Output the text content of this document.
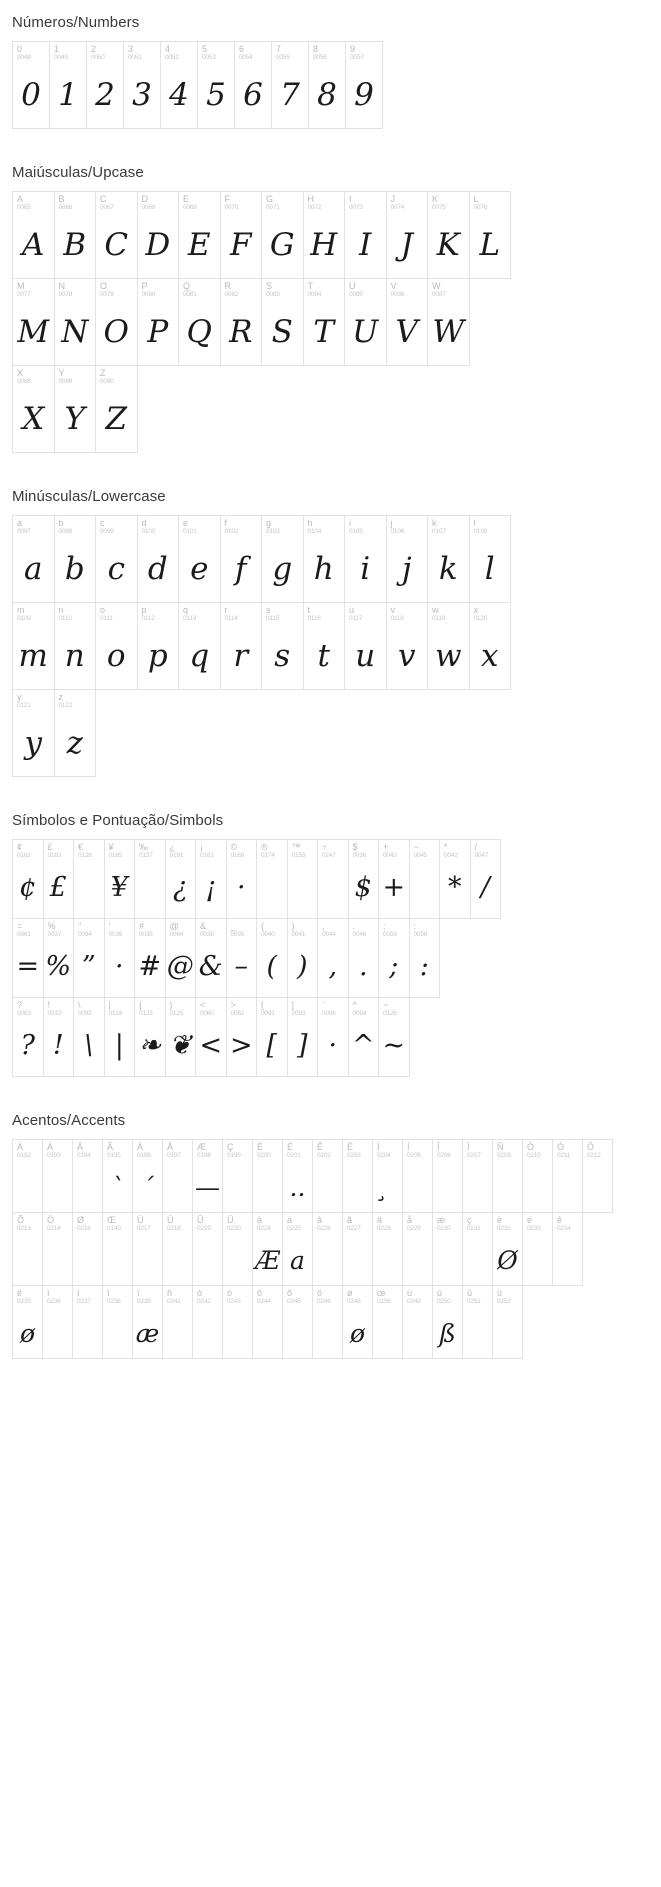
Números/Numbers
0
0048
0
1
0049
1
2
0050
2
3
0051
3
4
0052
4
5
0053
5
6
0054
6
7
0055
7
8
0056
8
9
0057
9
Maiúsculas/Upcase
A
0065
A
B
0066
B
C
0067
C
D
0068
D
E
0069
E
F
0070
F
G
0071
G
H
0072
H
I
0073
I
J
0074
J
K
0075
K
L
0076
L
M
0077
M
N
0078
N
O
0079
O
P
0080
P
Q
0081
Q
R
0082
R
S
0083
S
T
0084
T
U
0085
U
V
0086
V
W
0087
W
X
0088
X
Y
0089
Y
Z
0090
Z
Minúsculas/Lowercase
a
0097
a
b
0098
b
c
0099
c
d
0100
d
e
0101
e
f
0102
f
g
0103
g
h
0104
h
i
0105
i
j
0106
j
k
0107
k
l
0108
l
m
0109
m
n
0110
n
o
0111
o
p
0112
p
q
0113
q
r
0114
r
s
0115
s
t
0116
t
u
0117
u
v
0118
v
w
0119
w
x
0120
x
y
0121
y
z
0122
z
Símbolos e Pontuação/Simbols
¢
0162
¢
£
0163
£
€
0128
¥
0165
¥
‰
0137
¿
0191
¿
¡
0161
¡
©
0169
·
®
0174
™
0153
÷
0247
$
0036
$
+
0043
+
−
0045
*
0042
*
/
0047
/
=
0061
=
%
0037
%
"
0034
”
'
0039
·
#
0035
#
@
0064
@
&
0038
&
_
0095
–
(
0040
(
)
0041
)
,
0044
,
.
0046
.
;
0059
;
:
0058
:
?
0063
?
!
0033
!
\
0092
\
|
0124
|
{
0123
❧
}
0125
❦
<
0060
<
>
0062
>
[
0091
[
]
0093
]
`
0096
·
^
0094
^
~
0126
~
Acentos/Accents
À
0192
Á
0193
Â
0194
Ã
0195
`
Ä
0196
´
Å
0197
Æ
0198
—
Ç
0199
È
0200
É
0201
..
Ê
0202
Ë
0203
Ì
0204
Í
0205
Î
0206
Ï
0207
Ñ
0209
Ò
0210
Ó
0211
Ô
0212
Õ
0213
Ö
0214
Ø
0216
Œ
0140
Ù
0217
Ú
0218
Û
0219
Ü
0220
à
0224
Æ
á
0225
a
â
0226
ã
0227
ä
0228
å
0229
æ
0230
ç
0231
è
0232
Ø
é
0233
ê
0234
ë
0235
ø
ì
0236
í
0237
î
0238
ï
0239
æ
ñ
0241
ò
0242
ó
0243
ô
0244
õ
0245
ö
0246
ø
0248
ø
œ
0156
ù
0249
ú
0250
ß
û
0251
ü
0252
